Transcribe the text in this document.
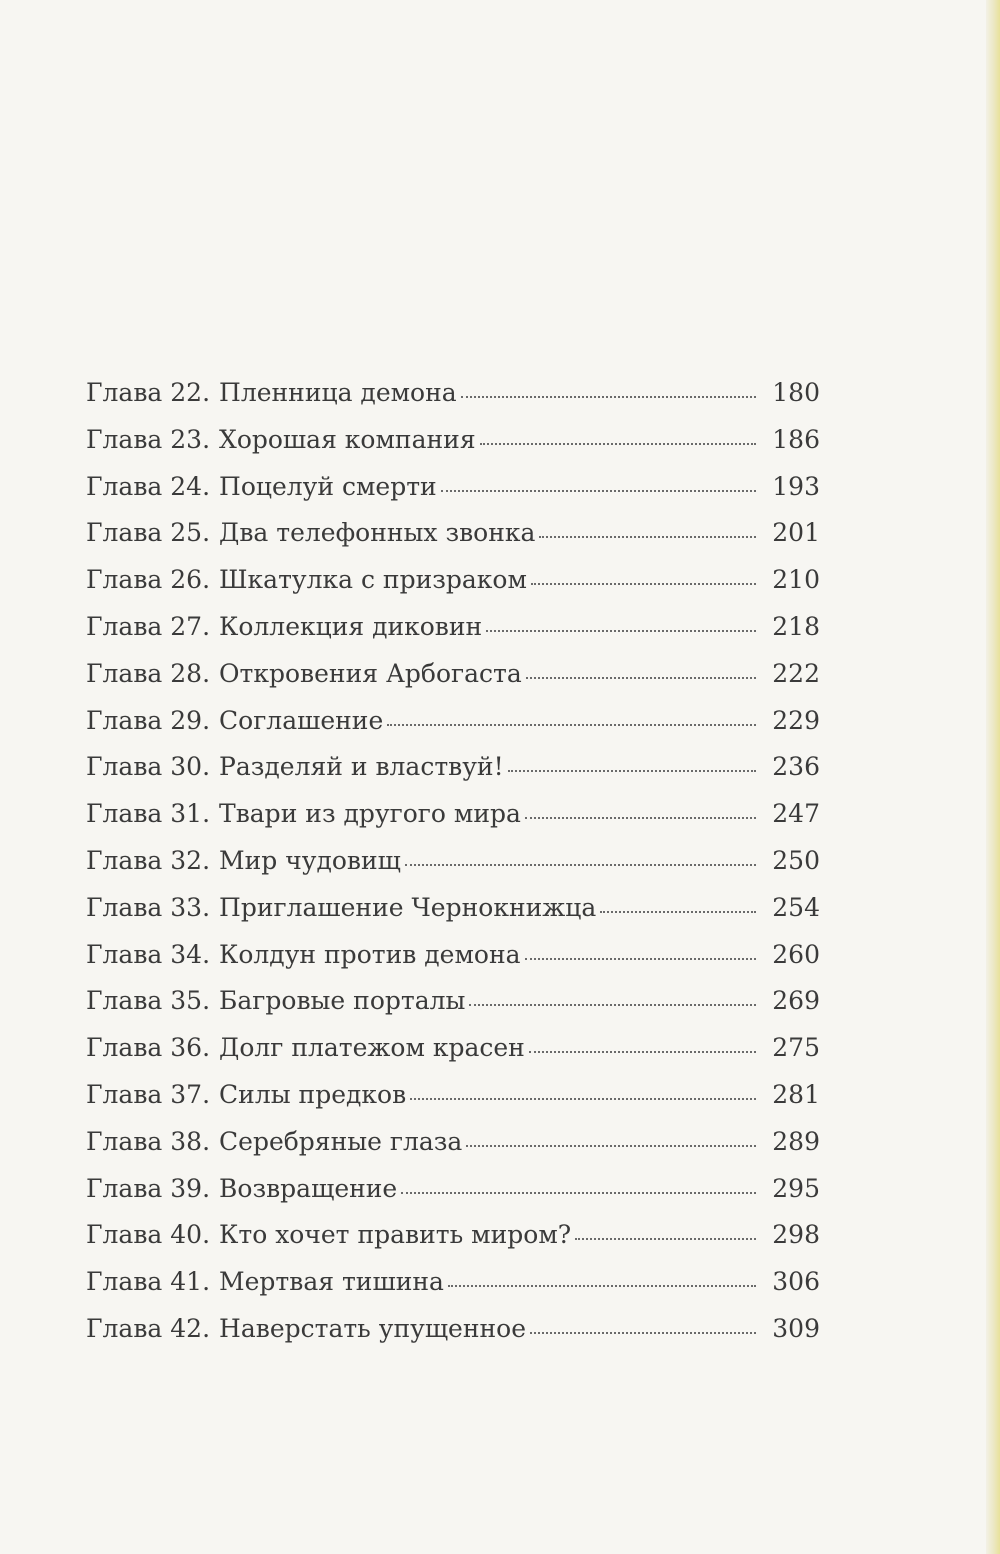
Глава 22. Пленница демона	180
Глава 23. Хорошая компания	186
Глава 24. Поцелуй смерти	193
Глава 25. Два телефонных звонка	201
Глава 26. Шкатулка с призраком	210
Глава 27. Коллекция диковин	218
Глава 28. Откровения Арбогаста	222
Глава 29. Соглашение	229
Глава 30. Разделяй и властвуй!	236
Глава 31. Твари из другого мира	247
Глава 32. Мир чудовищ	250
Глава 33. Приглашение Чернокнижца	254
Глава 34. Колдун против демона	260
Глава 35. Багровые порталы	269
Глава 36. Долг платежом красен	275
Глава 37. Силы предков	281
Глава 38. Серебряные глаза	289
Глава 39. Возвращение	295
Глава 40. Кто хочет править миром?	298
Глава 41. Мертвая тишина	306
Глава 42. Наверстать упущенное	309
